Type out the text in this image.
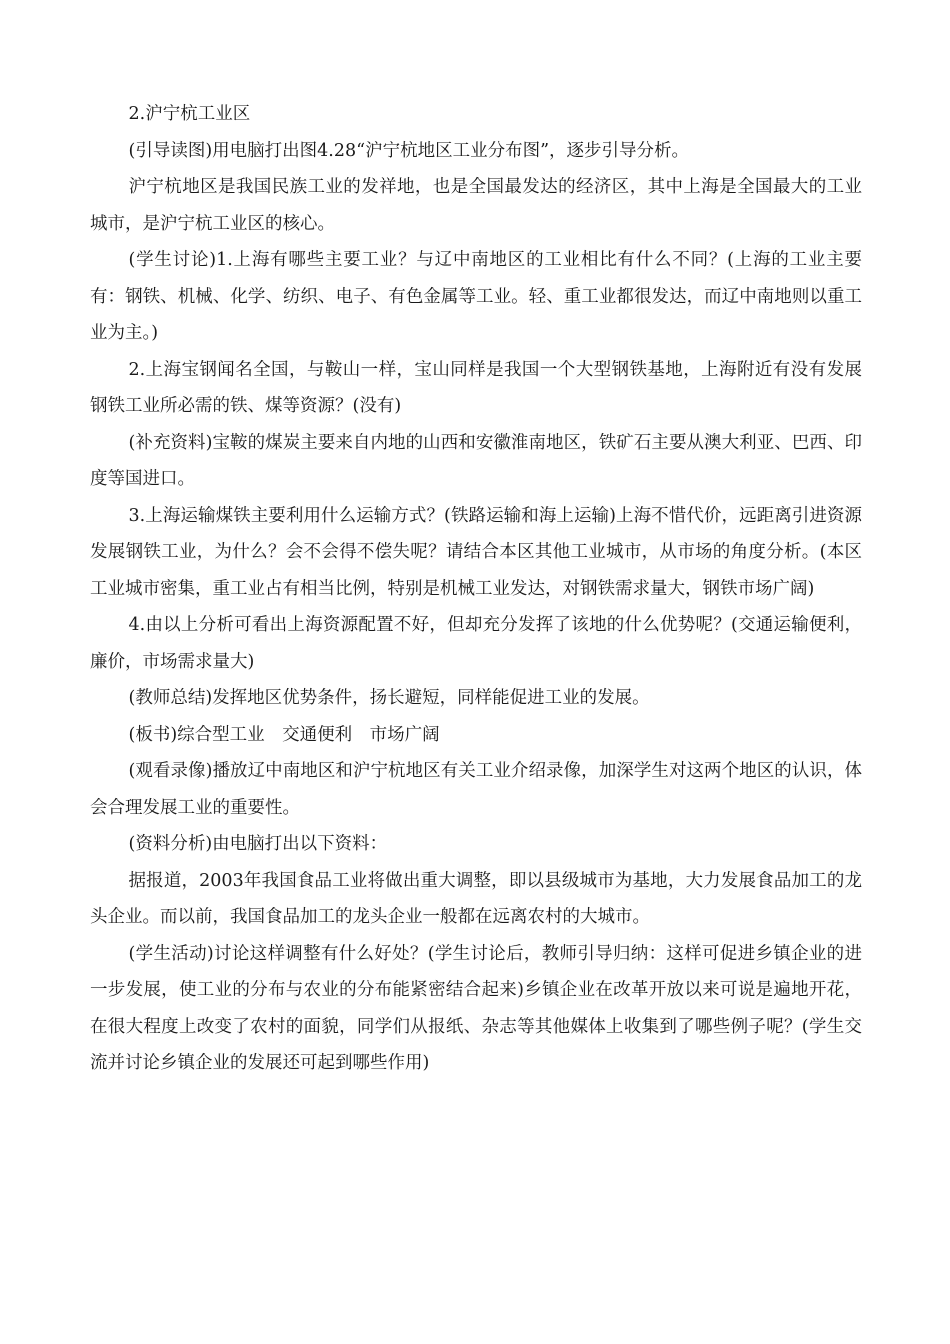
2.沪宁杭工业区

(引导读图)用电脑打出图4.28“沪宁杭地区工业分布图”，逐步引导分析。

沪宁杭地区是我国民族工业的发祥地，也是全国最发达的经济区，其中上海是全国最大的工业城市，是沪宁杭工业区的核心。

(学生讨论)1.上海有哪些主要工业？与辽中南地区的工业相比有什么不同？(上海的工业主要有：钢铁、机械、化学、纺织、电子、有色金属等工业。轻、重工业都很发达，而辽中南地则以重工业为主。)

2.上海宝钢闻名全国，与鞍山一样，宝山同样是我国一个大型钢铁基地，上海附近有没有发展钢铁工业所必需的铁、煤等资源？(没有)

(补充资料)宝鞍的煤炭主要来自内地的山西和安徽淮南地区，铁矿石主要从澳大利亚、巴西、印度等国进口。

3.上海运输煤铁主要利用什么运输方式？(铁路运输和海上运输)上海不惜代价，远距离引进资源发展钢铁工业，为什么？会不会得不偿失呢？请结合本区其他工业城市，从市场的角度分析。(本区工业城市密集，重工业占有相当比例，特别是机械工业发达，对钢铁需求量大，钢铁市场广阔)

4.由以上分析可看出上海资源配置不好，但却充分发挥了该地的什么优势呢？(交通运输便利，廉价，市场需求量大)

(教师总结)发挥地区优势条件，扬长避短，同样能促进工业的发展。

(板书)综合型工业　交通便利　市场广阔

(观看录像)播放辽中南地区和沪宁杭地区有关工业介绍录像，加深学生对这两个地区的认识，体会合理发展工业的重要性。

(资料分析)由电脑打出以下资料：

据报道，2003年我国食品工业将做出重大调整，即以县级城市为基地，大力发展食品加工的龙头企业。而以前，我国食品加工的龙头企业一般都在远离农村的大城市。

(学生活动)讨论这样调整有什么好处？(学生讨论后，教师引导归纳：这样可促进乡镇企业的进一步发展，使工业的分布与农业的分布能紧密结合起来)乡镇企业在改革开放以来可说是遍地开花，在很大程度上改变了农村的面貌，同学们从报纸、杂志等其他媒体上收集到了哪些例子呢？(学生交流并讨论乡镇企业的发展还可起到哪些作用)
